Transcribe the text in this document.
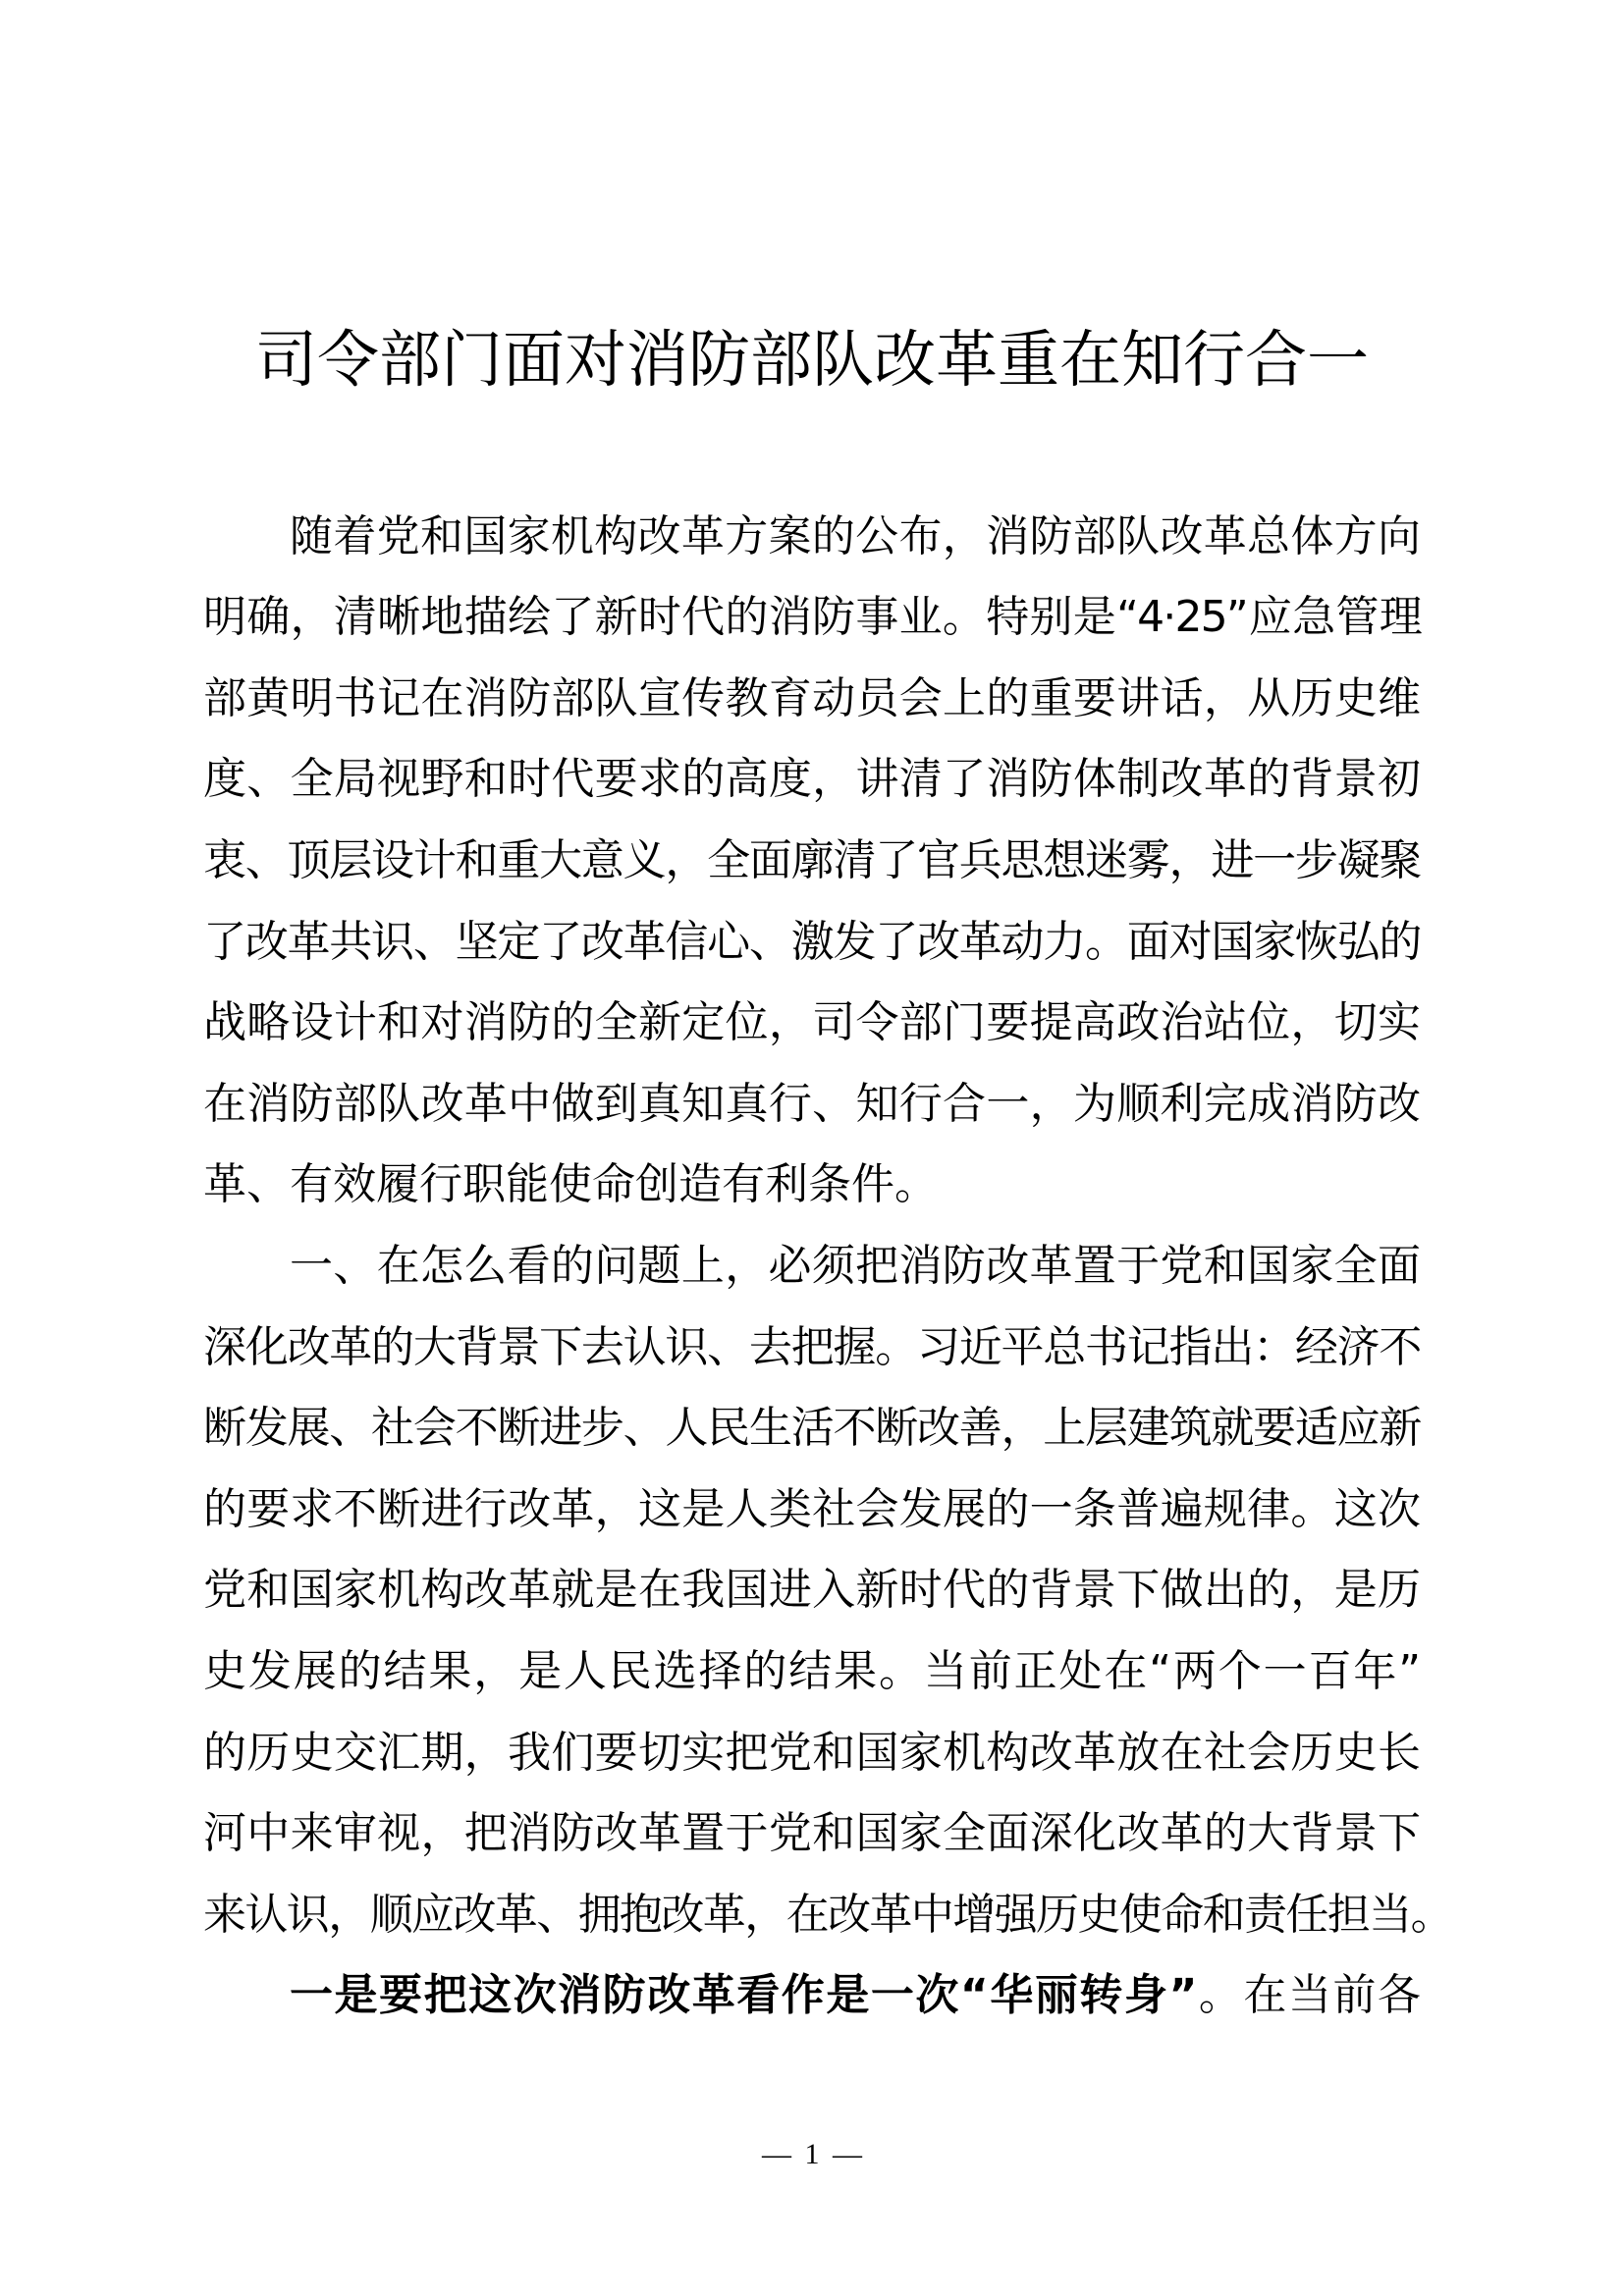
司令部门面对消防部队改革重在知行合一
随着党和国家机构改革方案的公布，消防部队改革总体方向
明确，清晰地描绘了新时代的消防事业。特别是“4·25”应急管理
部黄明书记在消防部队宣传教育动员会上的重要讲话，从历史维
度、全局视野和时代要求的高度，讲清了消防体制改革的背景初
衷、顶层设计和重大意义，全面廓清了官兵思想迷雾，进一步凝聚
了改革共识、坚定了改革信心、激发了改革动力。面对国家恢弘的
战略设计和对消防的全新定位，司令部门要提高政治站位，切实
在消防部队改革中做到真知真行、知行合一，为顺利完成消防改
革、有效履行职能使命创造有利条件。
一、在怎么看的问题上，必须把消防改革置于党和国家全面
深化改革的大背景下去认识、去把握。习近平总书记指出：经济不
断发展、社会不断进步、人民生活不断改善，上层建筑就要适应新
的要求不断进行改革，这是人类社会发展的一条普遍规律。这次
党和国家机构改革就是在我国进入新时代的背景下做出的，是历
史发展的结果，是人民选择的结果。当前正处在“两个一百年”
的历史交汇期，我们要切实把党和国家机构改革放在社会历史长
河中来审视，把消防改革置于党和国家全面深化改革的大背景下
来认识，顺应改革、拥抱改革，在改革中增强历史使命和责任担当。
一是要把这次消防改革看作是一次“华丽转身”。在当前各
— 1 —
